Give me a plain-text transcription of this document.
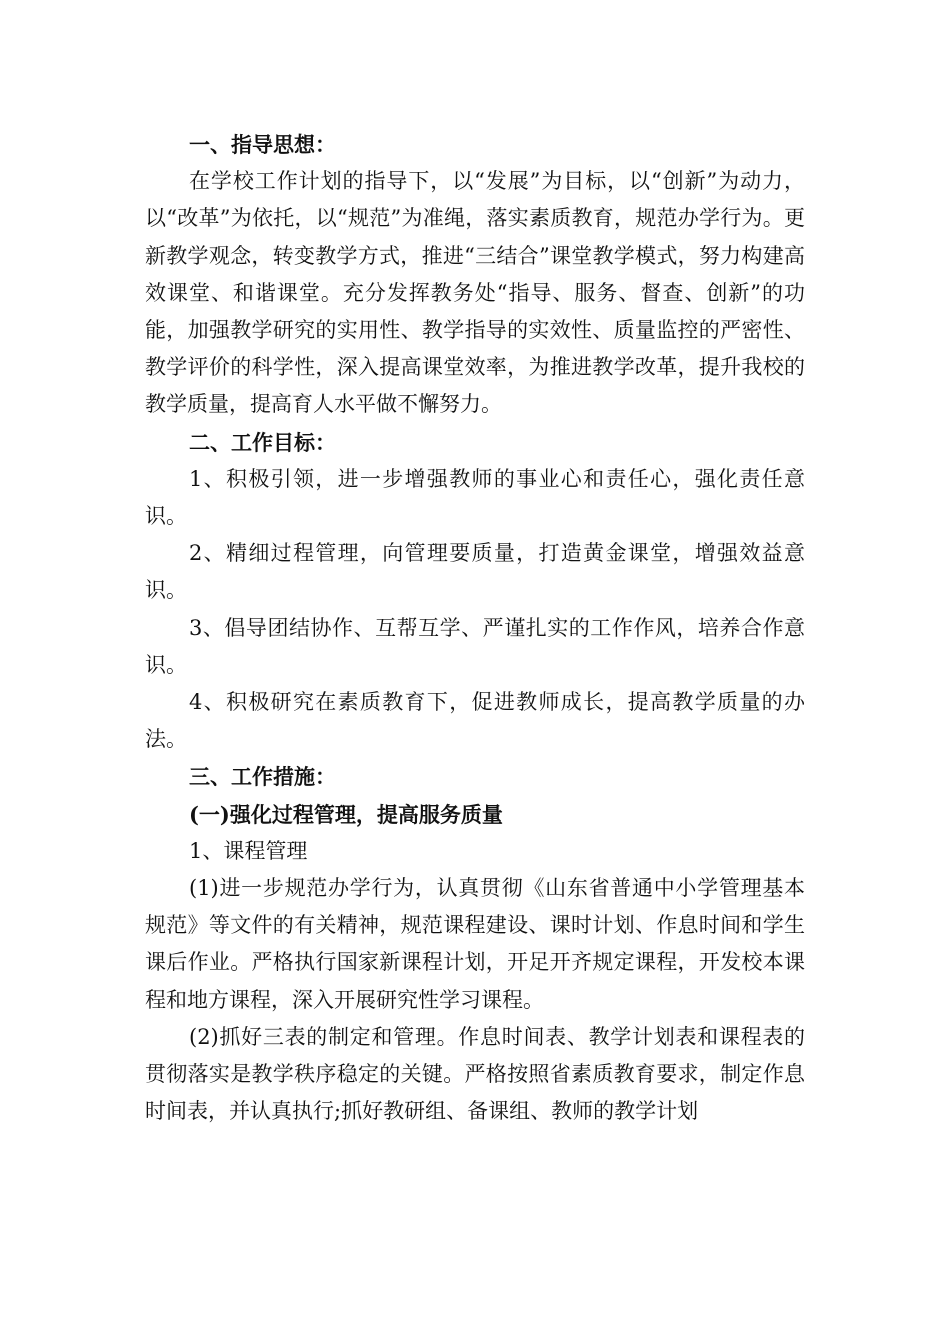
一、指导思想：

在学校工作计划的指导下，以“发展”为目标，以“创新”为动力，以“改革”为依托，以“规范”为准绳，落实素质教育，规范办学行为。更新教学观念，转变教学方式，推进“三结合”课堂教学模式，努力构建高效课堂、和谐课堂。充分发挥教务处“指导、服务、督查、创新”的功能，加强教学研究的实用性、教学指导的实效性、质量监控的严密性、教学评价的科学性，深入提高课堂效率，为推进教学改革，提升我校的教学质量，提高育人水平做不懈努力。

二、工作目标：

1、积极引领，进一步增强教师的事业心和责任心，强化责任意识。

2、精细过程管理，向管理要质量，打造黄金课堂，增强效益意识。

3、倡导团结协作、互帮互学、严谨扎实的工作作风，培养合作意识。

4、积极研究在素质教育下，促进教师成长，提高教学质量的办法。

三、工作措施：

(一)强化过程管理，提高服务质量

1、课程管理

(1)进一步规范办学行为，认真贯彻《山东省普通中小学管理基本规范》等文件的有关精神，规范课程建设、课时计划、作息时间和学生课后作业。严格执行国家新课程计划，开足开齐规定课程，开发校本课程和地方课程，深入开展研究性学习课程。

(2)抓好三表的制定和管理。作息时间表、教学计划表和课程表的贯彻落实是教学秩序稳定的关键。严格按照省素质教育要求，制定作息时间表，并认真执行;抓好教研组、备课组、教师的教学计划
